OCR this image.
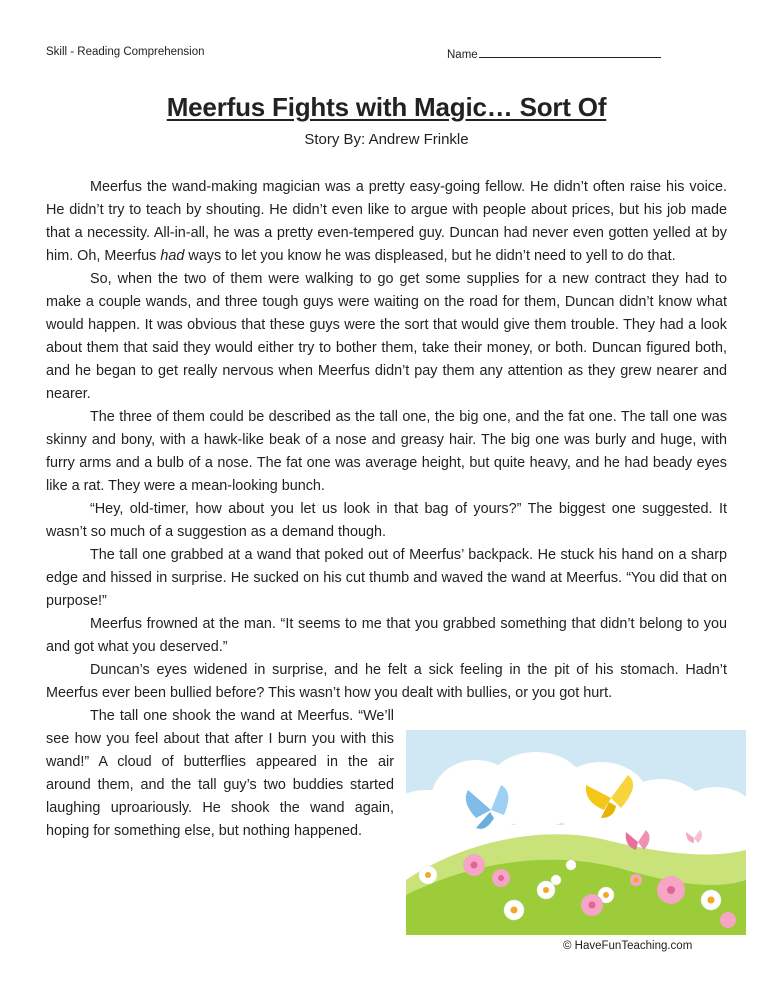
Skill - Reading Comprehension	Name
Meerfus Fights with Magic… Sort Of
Story By: Andrew Frinkle

Meerfus the wand-making magician was a pretty easy-going fellow. He didn’t often raise his voice. He didn’t try to teach by shouting. He didn’t even like to argue with people about prices, but his job made that a necessity. All-in-all, he was a pretty even-tempered guy. Duncan had never even gotten yelled at by him. Oh, Meerfus had ways to let you know he was displeased, but he didn’t need to yell to do that.

So, when the two of them were walking to go get some supplies for a new contract they had to make a couple wands, and three tough guys were waiting on the road for them, Duncan didn’t know what would happen. It was obvious that these guys were the sort that would give them trouble. They had a look about them that said they would either try to bother them, take their money, or both. Duncan figured both, and he began to get really nervous when Meerfus didn’t pay them any attention as they grew nearer and nearer.

The three of them could be described as the tall one, the big one, and the fat one. The tall one was skinny and bony, with a hawk-like beak of a nose and greasy hair. The big one was burly and huge, with furry arms and a bulb of a nose. The fat one was average height, but quite heavy, and he had beady eyes like a rat. They were a mean-looking bunch.

“Hey, old-timer, how about you let us look in that bag of yours?” The biggest one suggested. It wasn’t so much of a suggestion as a demand though.

The tall one grabbed at a wand that poked out of Meerfus’ backpack. He stuck his hand on a sharp edge and hissed in surprise. He sucked on his cut thumb and waved the wand at Meerfus. “You did that on purpose!”

Meerfus frowned at the man. “It seems to me that you grabbed something that didn’t belong to you and got what you deserved.”

Duncan’s eyes widened in surprise, and he felt a sick feeling in the pit of his stomach. Hadn’t Meerfus ever been bullied before? This wasn’t how you dealt with bullies, or you got hurt.

The tall one shook the wand at Meerfus. “We’ll see how you feel about that after I burn you with this wand!” A cloud of butterflies appeared in the air around them, and the tall guy’s two buddies started laughing uproariously. He shook the wand again, hoping for something else, but nothing happened.

© HaveFunTeaching.com
